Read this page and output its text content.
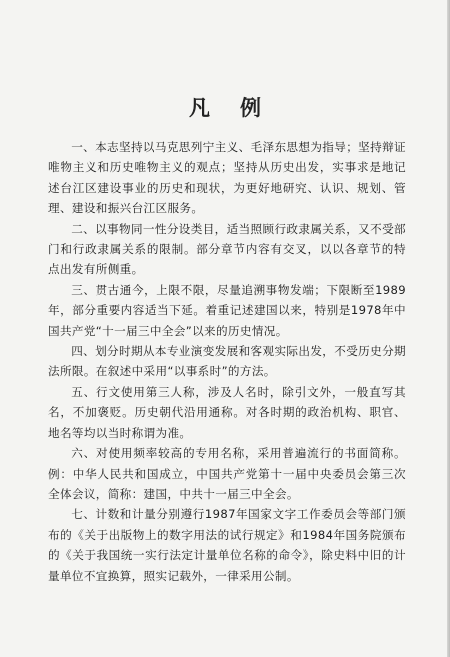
凡例

一、本志坚持以马克思列宁主义、毛泽东思想为指导；坚持辩证唯物主义和历史唯物主义的观点；坚持从历史出发，实事求是地记述台江区建设事业的历史和现状，为更好地研究、认识、规划、管理、建设和振兴台江区服务。

二、以事物同一性分设类目，适当照顾行政隶属关系，又不受部门和行政隶属关系的限制。部分章节内容有交叉，以以各章节的特点出发有所侧重。

三、贯古通今，上限不限，尽量追溯事物发端；下限断至1989年，部分重要内容适当下延。着重记述建国以来，特别是1978年中国共产党“十一届三中全会”以来的历史情况。

四、划分时期从本专业演变发展和客观实际出发，不受历史分期法所限。在叙述中采用“以事系时”的方法。

五、行文使用第三人称，涉及人名时，除引文外，一般直写其名，不加褒贬。历史朝代沿用通称。对各时期的政治机构、职官、地名等均以当时称谓为准。

六、对使用频率较高的专用名称，采用普遍流行的书面简称。例：中华人民共和国成立，中国共产党第十一届中央委员会第三次全体会议，简称：建国，中共十一届三中全会。

七、计数和计量分别遵行1987年国家文字工作委员会等部门颁布的《关于出版物上的数字用法的试行规定》和1984年国务院颁布的《关于我国统一实行法定计量单位名称的命令》，除史料中旧的计量单位不宜换算，照实记载外，一律采用公制。
